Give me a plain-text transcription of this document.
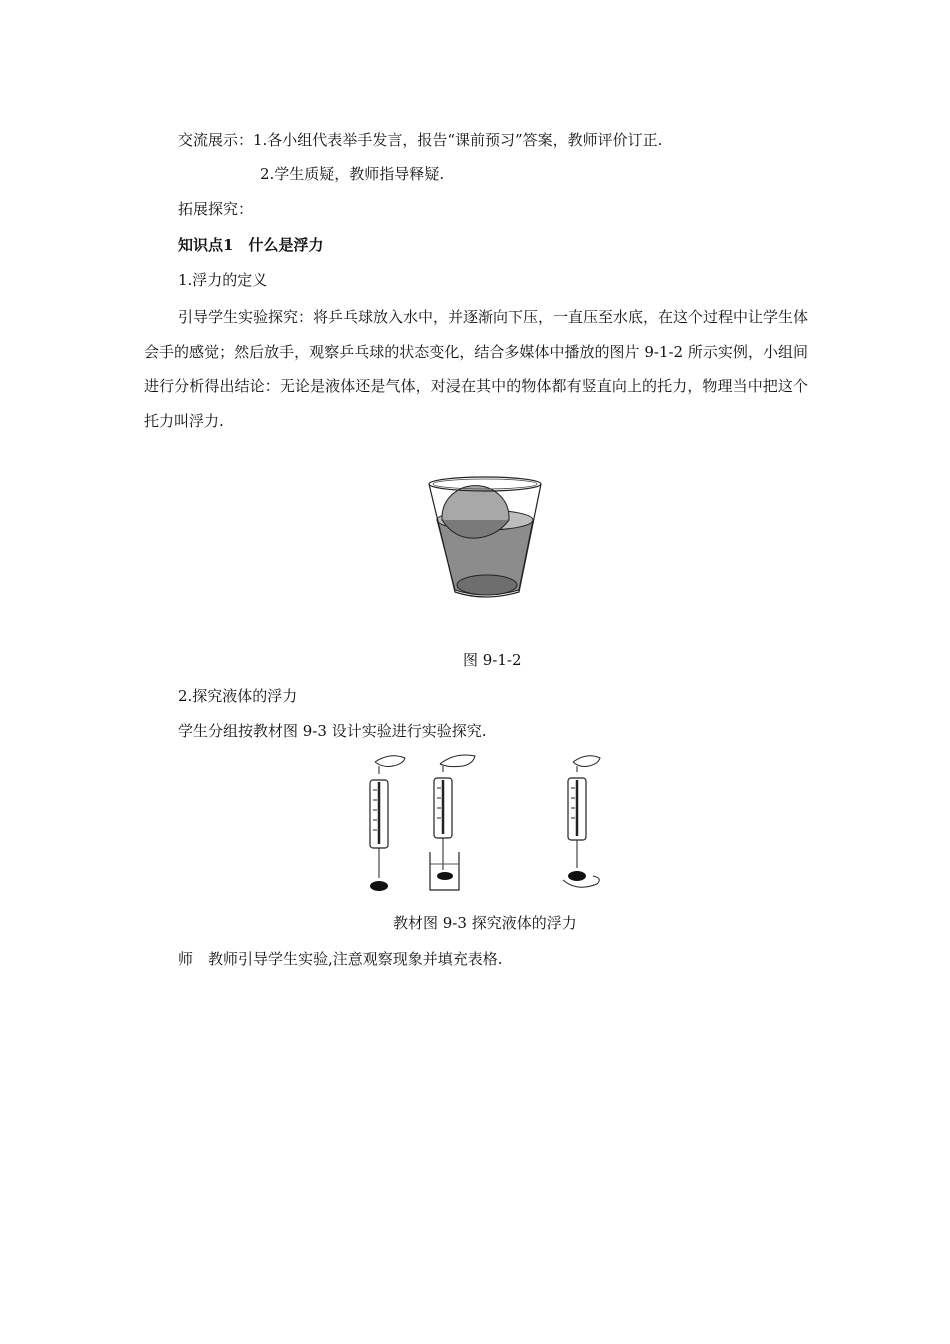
交流展示：1.各小组代表举手发言，报告“课前预习”答案，教师评价订正.
2.学生质疑，教师指导释疑.
拓展探究：
知识点1　什么是浮力
1.浮力的定义
引导学生实验探究：将乒乓球放入水中，并逐渐向下压，一直压至水底，在这个过程中让学生体会手的感觉；然后放手，观察乒乓球的状态变化，结合多媒体中播放的图片 9-1-2 所示实例，小组间进行分析得出结论：无论是液体还是气体，对浸在其中的物体都有竖直向上的托力，物理当中把这个托力叫浮力.
图 9-1-2
2.探究液体的浮力
学生分组按教材图 9-3 设计实验进行实验探究.
教材图 9-3 探究液体的浮力
师　教师引导学生实验,注意观察现象并填充表格.
